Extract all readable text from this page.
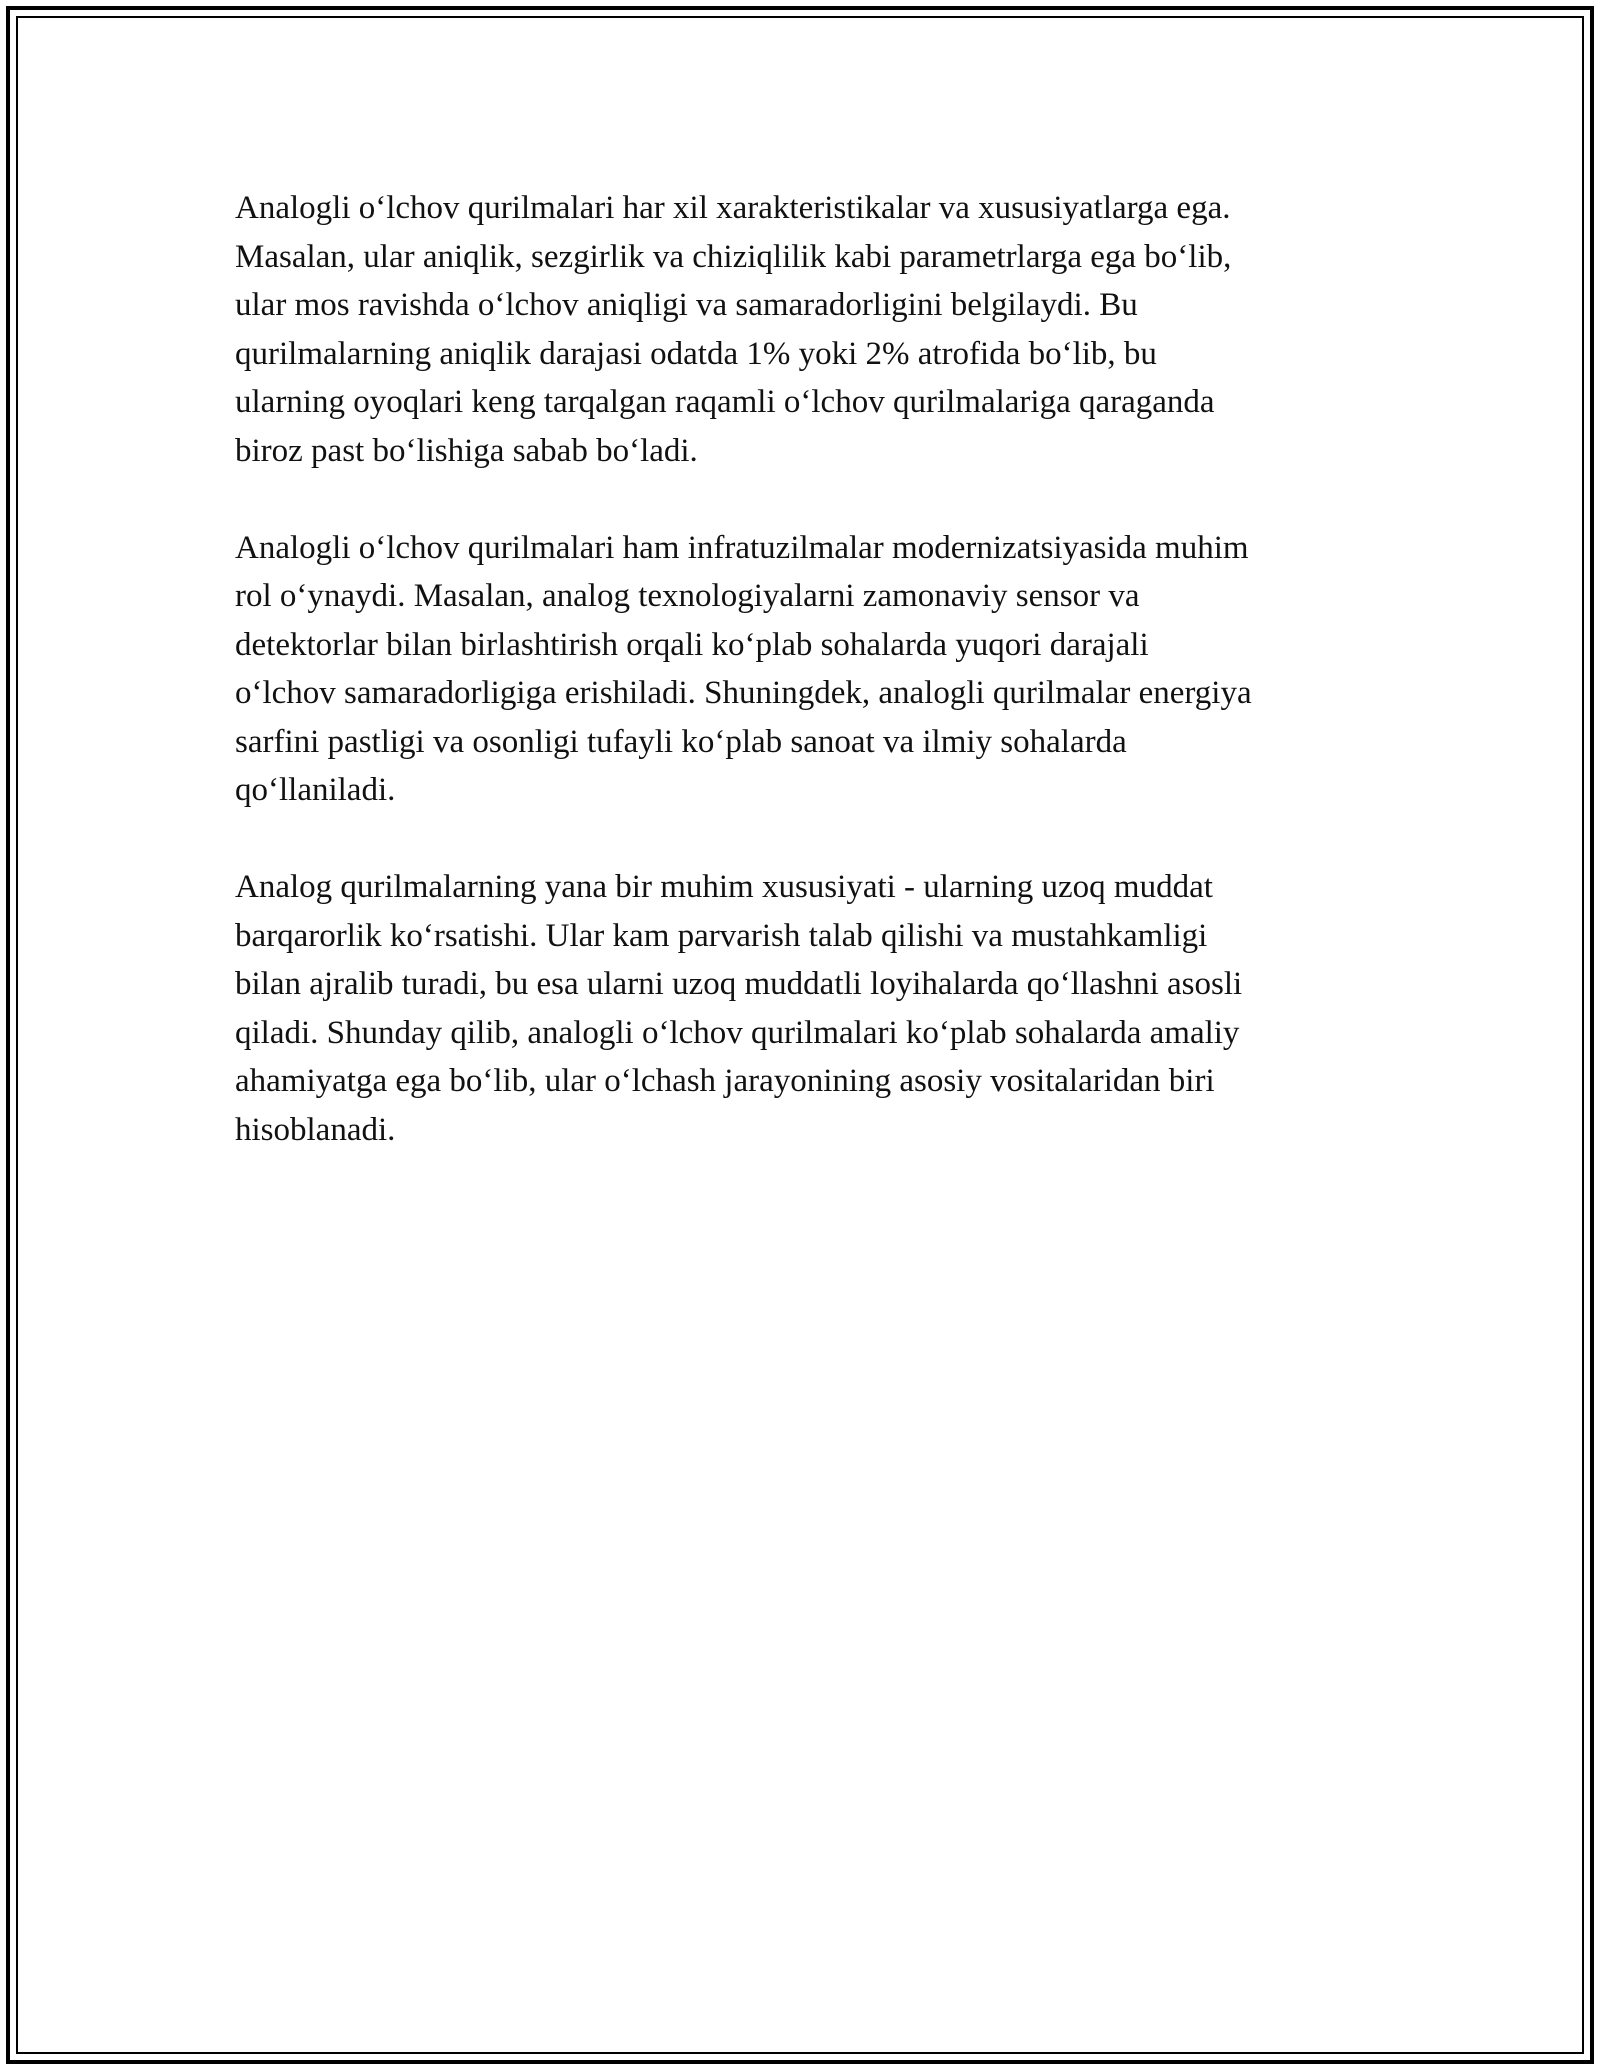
Analogli o‘lchov qurilmalari har xil xarakteristikalar va xususiyatlarga ega.
Masalan, ular aniqlik, sezgirlik va chiziqlilik kabi parametrlarga ega bo‘lib,
ular mos ravishda o‘lchov aniqligi va samaradorligini belgilaydi. Bu
qurilmalarning aniqlik darajasi odatda 1% yoki 2% atrofida bo‘lib, bu
ularning oyoqlari keng tarqalgan raqamli o‘lchov qurilmalariga qaraganda
biroz past bo‘lishiga sabab bo‘ladi.

Analogli o‘lchov qurilmalari ham infratuzilmalar modernizatsiyasida muhim
rol o‘ynaydi. Masalan, analog texnologiyalarni zamonaviy sensor va
detektorlar bilan birlashtirish orqali ko‘plab sohalarda yuqori darajali
o‘lchov samaradorligiga erishiladi. Shuningdek, analogli qurilmalar energiya
sarfini pastligi va osonligi tufayli ko‘plab sanoat va ilmiy sohalarda
qo‘llaniladi.

Analog qurilmalarning yana bir muhim xususiyati - ularning uzoq muddat
barqarorlik ko‘rsatishi. Ular kam parvarish talab qilishi va mustahkamligi
bilan ajralib turadi, bu esa ularni uzoq muddatli loyihalarda qo‘llashni asosli
qiladi. Shunday qilib, analogli o‘lchov qurilmalari ko‘plab sohalarda amaliy
ahamiyatga ega bo‘lib, ular o‘lchash jarayonining asosiy vositalaridan biri
hisoblanadi.
